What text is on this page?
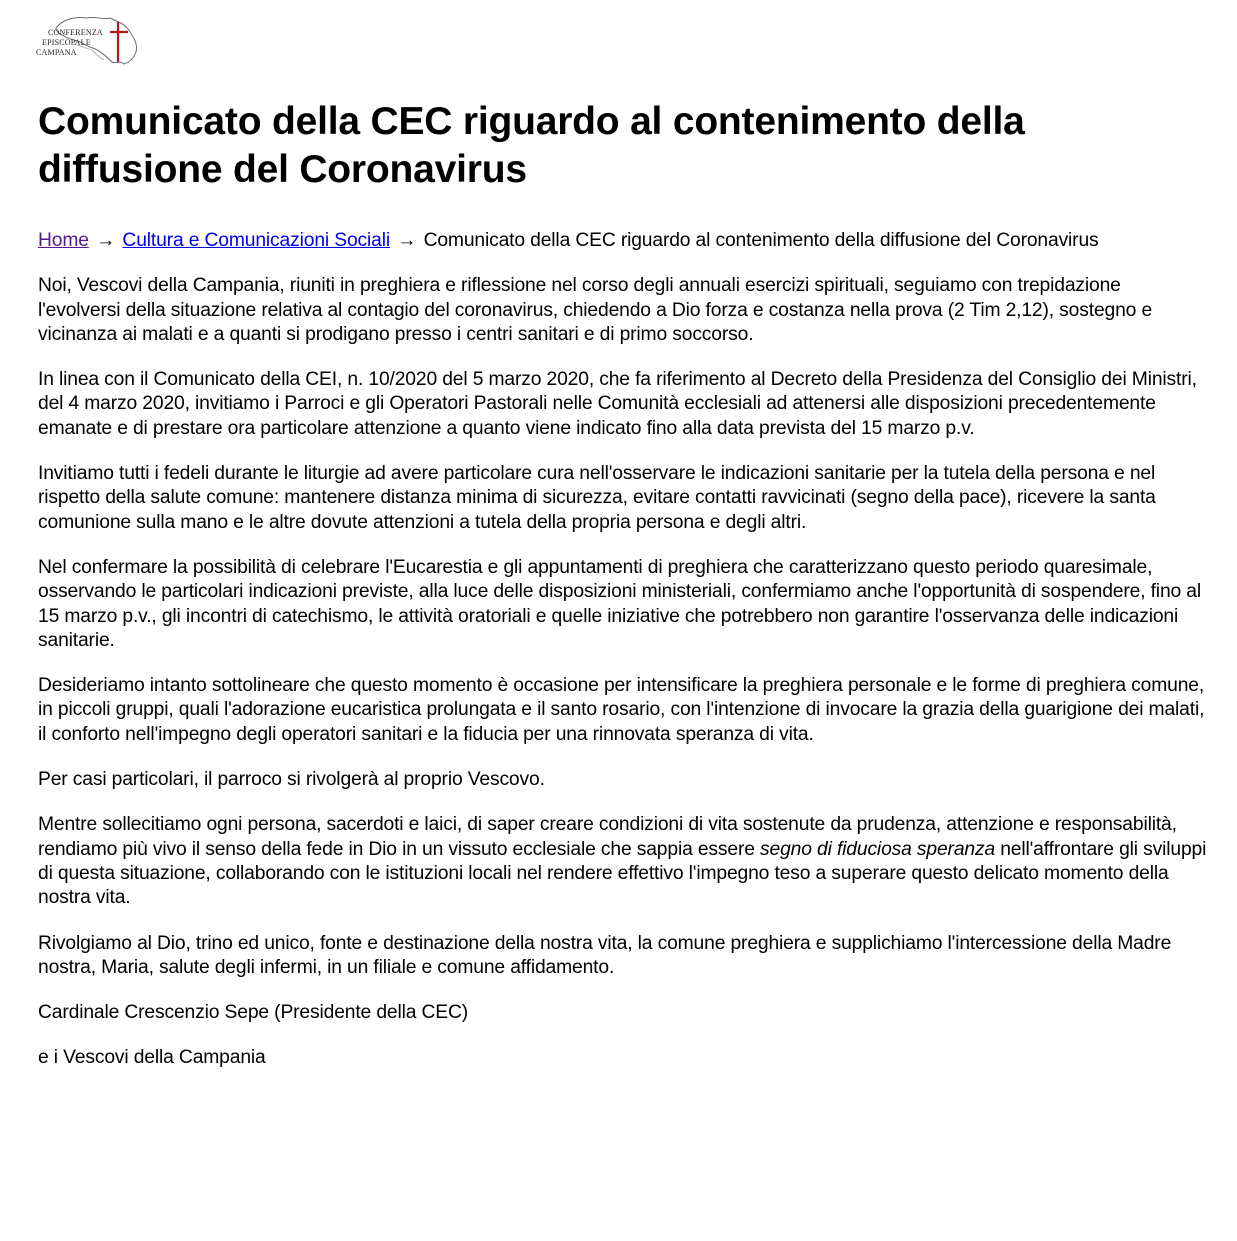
CONFERENZA
EPISCOPALE
CAMPANA
Comunicato della CEC riguardo al contenimento della diffusione del Coronavirus

Home → Cultura e Comunicazioni Sociali → Comunicato della CEC riguardo al contenimento della diffusione del Coronavirus

Noi, Vescovi della Campania, riuniti in preghiera e riflessione nel corso degli annuali esercizi spirituali, seguiamo con trepidazione l'evolversi della situazione relativa al contagio del coronavirus, chiedendo a Dio forza e costanza nella prova (2 Tim 2,12), sostegno e vicinanza ai malati e a quanti si prodigano presso i centri sanitari e di primo soccorso.

In linea con il Comunicato della CEI, n. 10/2020 del 5 marzo 2020, che fa riferimento al Decreto della Presidenza del Consiglio dei Ministri, del 4 marzo 2020, invitiamo i Parroci e gli Operatori Pastorali nelle Comunità ecclesiali ad attenersi alle disposizioni precedentemente emanate e di prestare ora particolare attenzione a quanto viene indicato fino alla data prevista del 15 marzo p.v.

Invitiamo tutti i fedeli durante le liturgie ad avere particolare cura nell'osservare le indicazioni sanitarie per la tutela della persona e nel rispetto della salute comune: mantenere distanza minima di sicurezza, evitare contatti ravvicinati (segno della pace), ricevere la santa comunione sulla mano e le altre dovute attenzioni a tutela della propria persona e degli altri.

Nel confermare la possibilità di celebrare l'Eucarestia e gli appuntamenti di preghiera che caratterizzano questo periodo quaresimale, osservando le particolari indicazioni previste, alla luce delle disposizioni ministeriali, confermiamo anche l'opportunità di sospendere, fino al 15 marzo p.v., gli incontri di catechismo, le attività oratoriali e quelle iniziative che potrebbero non garantire l'osservanza delle indicazioni sanitarie.

Desideriamo intanto sottolineare che questo momento è occasione per intensificare la preghiera personale e le forme di preghiera comune, in piccoli gruppi, quali l'adorazione eucaristica prolungata e il santo rosario, con l'intenzione di invocare la grazia della guarigione dei malati, il conforto nell'impegno degli operatori sanitari e la fiducia per una rinnovata speranza di vita.

Per casi particolari, il parroco si rivolgerà al proprio Vescovo.

Mentre sollecitiamo ogni persona, sacerdoti e laici, di saper creare condizioni di vita sostenute da prudenza, attenzione e responsabilità, rendiamo più vivo il senso della fede in Dio in un vissuto ecclesiale che sappia essere segno di fiduciosa speranza nell'affrontare gli sviluppi di questa situazione, collaborando con le istituzioni locali nel rendere effettivo l'impegno teso a superare questo delicato momento della nostra vita.

Rivolgiamo al Dio, trino ed unico, fonte e destinazione della nostra vita, la comune preghiera e supplichiamo l'intercessione della Madre nostra, Maria, salute degli infermi, in un filiale e comune affidamento.

Cardinale Crescenzio Sepe (Presidente della CEC)

e i Vescovi della Campania
